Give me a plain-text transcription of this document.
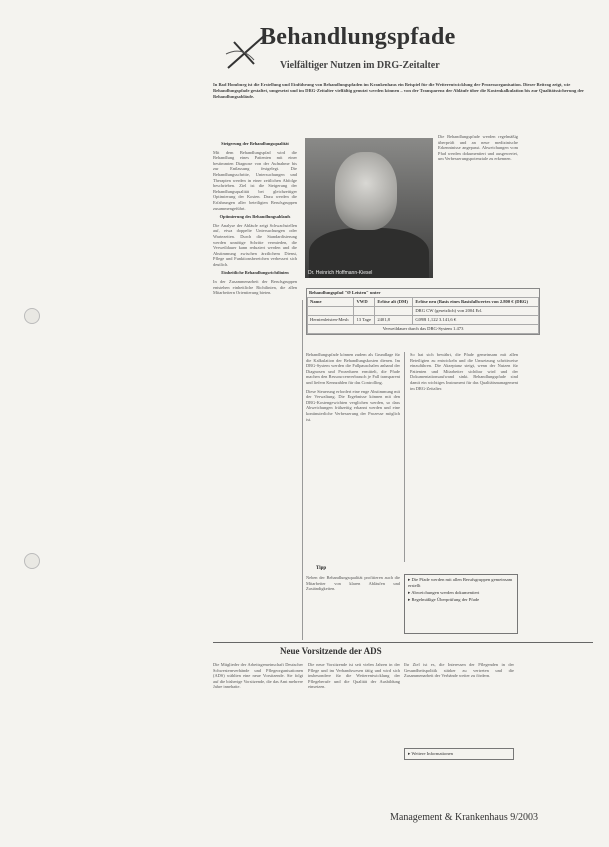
Behandlungspfade
Vielfältiger Nutzen im DRG-Zeitalter
In Bad Homburg ist die Erstellung und Einführung von Behandlungspfaden im Krankenhaus ein Beispiel für die Weiterentwicklung der Prozessorganisation. Dieser Beitrag zeigt, wie Behandlungspfade gestaltet, umgesetzt und im DRG-Zeitalter vielfältig genutzt werden können – von der Transparenz der Abläufe über die Kostenkalkulation bis zur Qualitätssicherung der Behandlungsabläufe.
Steigerung der Behandlungsqualität
Mit dem Behandlungspfad wird die Behandlung eines Patienten mit einer bestimmten Diagnose von der Aufnahme bis zur Entlassung festgelegt. Die Behandlungsschritte, Untersuchungen und Therapien werden in einer zeitlichen Abfolge beschrieben. Ziel ist die Steigerung der Behandlungsqualität bei gleichzeitiger Optimierung der Kosten. Dazu werden die Erfahrungen aller beteiligten Berufsgruppen zusammengeführt.
Optimierung des Behandlungsablaufs
Die Analyse der Abläufe zeigt Schwachstellen auf, etwa doppelte Untersuchungen oder Wartezeiten. Durch die Standardisierung werden unnötige Schritte vermieden, die Verweildauer kann reduziert werden und die Abstimmung zwischen ärztlichem Dienst, Pflege und Funktionsbereichen verbessert sich deutlich.
Einheitliche Behandlungsrichtlinien
In der Zusammenarbeit der Berufsgruppen entstehen einheitliche Richtlinien, die allen Mitarbeitern Orientierung bieten.
Dr. Heinrich Hoffmann-Kiesel
Die Behandlungspfade werden regelmäßig überprüft und an neue medizinische Erkenntnisse angepasst. Abweichungen vom Pfad werden dokumentiert und ausgewertet, um Verbesserungspotenziale zu erkennen.
Behandlungspfad "Ø Leisten" unter
Name	VWD	Erlöse alt (DM)	Erlöse neu (Basis eines Basisfallwertes von 2.800 € (DRG)
			DRG CW (gesetzlich) von 2004 Erl.
Hernienleisten-Mesh	13 Tage	2401,8	G09B 1,122 3.141,6 €
Verweildauer durch das DRG-System 1.473			
Behandlungspfade können zudem als Grundlage für die Kalkulation der Behandlungskosten dienen. Im DRG-System werden die Fallpauschalen anhand der Diagnosen und Prozeduren ermittelt, die Pfade machen den Ressourcenverbrauch je Fall transparent und liefern Kennzahlen für das Controlling.
Diese Steuerung erfordert eine enge Abstimmung mit der Verwaltung. Die Ergebnisse können mit den DRG-Kostengewichten verglichen werden, so dass Abweichungen frühzeitig erkannt werden und eine kontinuierliche Verbesserung der Prozesse möglich ist.
So hat sich bewährt, die Pfade gemeinsam mit allen Beteiligten zu entwickeln und die Umsetzung schrittweise einzuführen. Die Akzeptanz steigt, wenn der Nutzen für Patienten und Mitarbeiter sichtbar wird und der Dokumentationsaufwand sinkt. Behandlungspfade sind damit ein wichtiges Instrument für das Qualitätsmanagement im DRG-Zeitalter.
Tipp
Neben der Behandlungsqualität profitieren auch die Mitarbeiter von klaren Abläufen und Zuständigkeiten.
▸ Die Pfade werden mit allen Berufsgruppen gemeinsam erstellt
▸ Abweichungen werden dokumentiert
▸ Regelmäßige Überprüfung der Pfade
Neue Vorsitzende der ADS
Die Mitglieder der Arbeitsgemeinschaft Deutscher Schwesternverbände und Pflegeorganisationen (ADS) wählten eine neue Vorsitzende. Sie folgt auf die bisherige Vorsitzende, die das Amt mehrere Jahre innehatte.
Die neue Vorsitzende ist seit vielen Jahren in der Pflege und im Verbandswesen tätig und wird sich insbesondere für die Weiterentwicklung der Pflegeberufe und die Qualität der Ausbildung einsetzen.
Ihr Ziel ist es, die Interessen der Pflegenden in der Gesundheitspolitik stärker zu vertreten und die Zusammenarbeit der Verbände weiter zu fördern.
▸ Weitere Informationen
Management & Krankenhaus 9/2003
